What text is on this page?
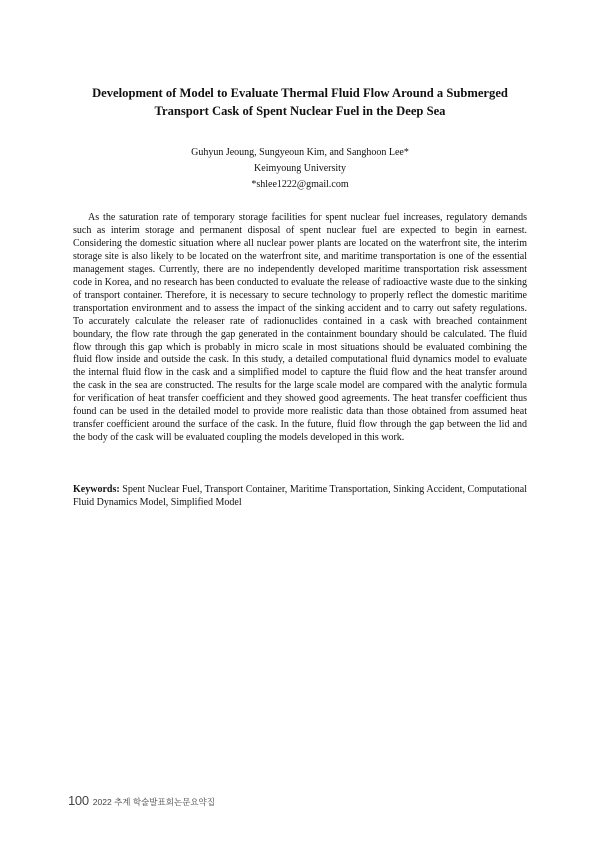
Development of Model to Evaluate Thermal Fluid Flow Around a Submerged
Transport Cask of Spent Nuclear Fuel in the Deep Sea
Guhyun Jeoung, Sungyeoun Kim, and Sanghoon Lee*
Keimyoung University
*shlee1222@gmail.com

As the saturation rate of temporary storage facilities for spent nuclear fuel increases, regulatory demands such as interim storage and permanent disposal of spent nuclear fuel are expected to begin in earnest. Considering the domestic situation where all nuclear power plants are located on the waterfront site, the interim storage site is also likely to be located on the waterfront site, and maritime transportation is one of the essential management stages. Currently, there are no independently developed maritime transportation risk assessment code in Korea, and no research has been conducted to evaluate the release of radioactive waste due to the sinking of transport container. Therefore, it is necessary to secure technology to properly reflect the domestic maritime transportation environment and to assess the impact of the sinking accident and to carry out safety regulations. To accurately calculate the releaser rate of radionuclides contained in a cask with breached containment boundary, the flow rate through the gap generated in the containment boundary should be calculated. The fluid flow through this gap which is probably in micro scale in most situations should be evaluated combining the fluid flow inside and outside the cask. In this study, a detailed computational fluid dynamics model to evaluate the internal fluid flow in the cask and a simplified model to capture the fluid flow and the heat transfer around the cask in the sea are constructed. The results for the large scale model are compared with the analytic formula for verification of heat transfer coefficient and they showed good agreements. The heat transfer coefficient thus found can be used in the detailed model to provide more realistic data than those obtained from assumed heat transfer coefficient around the surface of the cask. In the future, fluid flow through the gap between the lid and the body of the cask will be evaluated coupling the models developed in this work.

Keywords: Spent Nuclear Fuel, Transport Container, Maritime Transportation, Sinking Accident, Computational Fluid Dynamics Model, Simplified Model

100 2022 추계 학술발표회논문요약집
